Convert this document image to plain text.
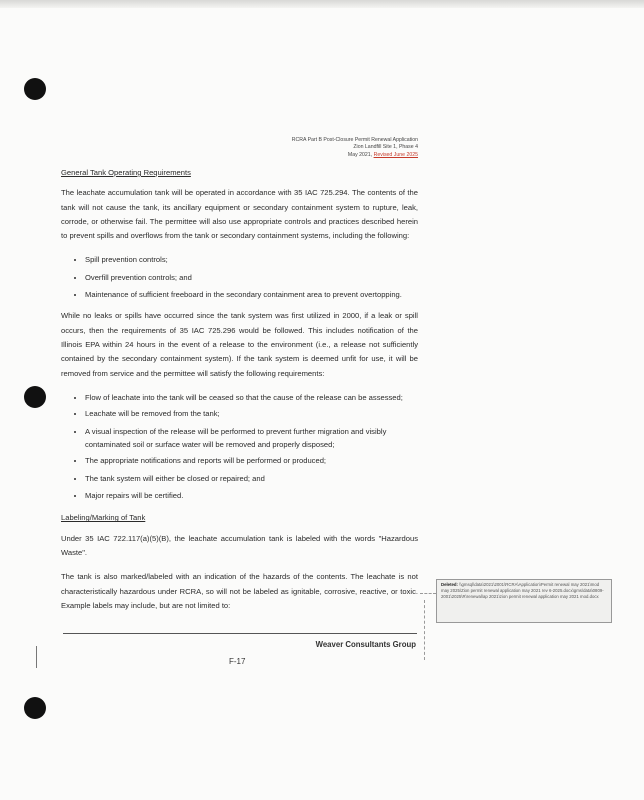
RCRA Part B Post-Closure Permit Renewal Application
Zion Landfill Site 1, Phase 4
May 2021, Revised June 2025
General Tank Operating Requirements

The leachate accumulation tank will be operated in accordance with 35 IAC 725.294. The contents of the tank will not cause the tank, its ancillary equipment or secondary containment system to rupture, leak, corrode, or otherwise fail. The permittee will also use appropriate controls and practices described herein to prevent spills and overflows from the tank or secondary containment systems, including the following:

• Spill prevention controls;
• Overfill prevention controls; and
• Maintenance of sufficient freeboard in the secondary containment area to prevent overtopping.

While no leaks or spills have occurred since the tank system was first utilized in 2000, if a leak or spill occurs, then the requirements of 35 IAC 725.296 would be followed. This includes notification of the Illinois EPA within 24 hours in the event of a release to the environment (i.e., a release not sufficiently contained by the secondary containment system). If the tank system is deemed unfit for use, it will be removed from service and the permittee will satisfy the following requirements:

• Flow of leachate into the tank will be ceased so that the cause of the release can be assessed;
• Leachate will be removed from the tank;
• A visual inspection of the release will be performed to prevent further migration and visibly contaminated soil or surface water will be removed and properly disposed;
• The appropriate notifications and reports will be performed or produced;
• The tank system will either be closed or repaired; and
• Major repairs will be certified.
Labeling/Marking of Tank

Under 35 IAC 722.117(a)(5)(B), the leachate accumulation tank is labeled with the words "Hazardous Waste".

The tank is also marked/labeled with an indication of the hazards of the contents. The leachate is not characteristically hazardous under RCRA, so will not be labeled as ignitable, corrosive, reactive, or toxic. Example labels may include, but are not limited to:

Weaver Consultants Group
F-17
Deleted: \\gmsql\data\2021\2001\RCRA\Application\Permit renewal may 2021\mod may 2025\Zion permit renewal application may 2021 rev 6-2025.docx\gms\data\0809-2001\2025\R\renewal\ap 2021\zion permit renewal application may 2021 mod.docx
